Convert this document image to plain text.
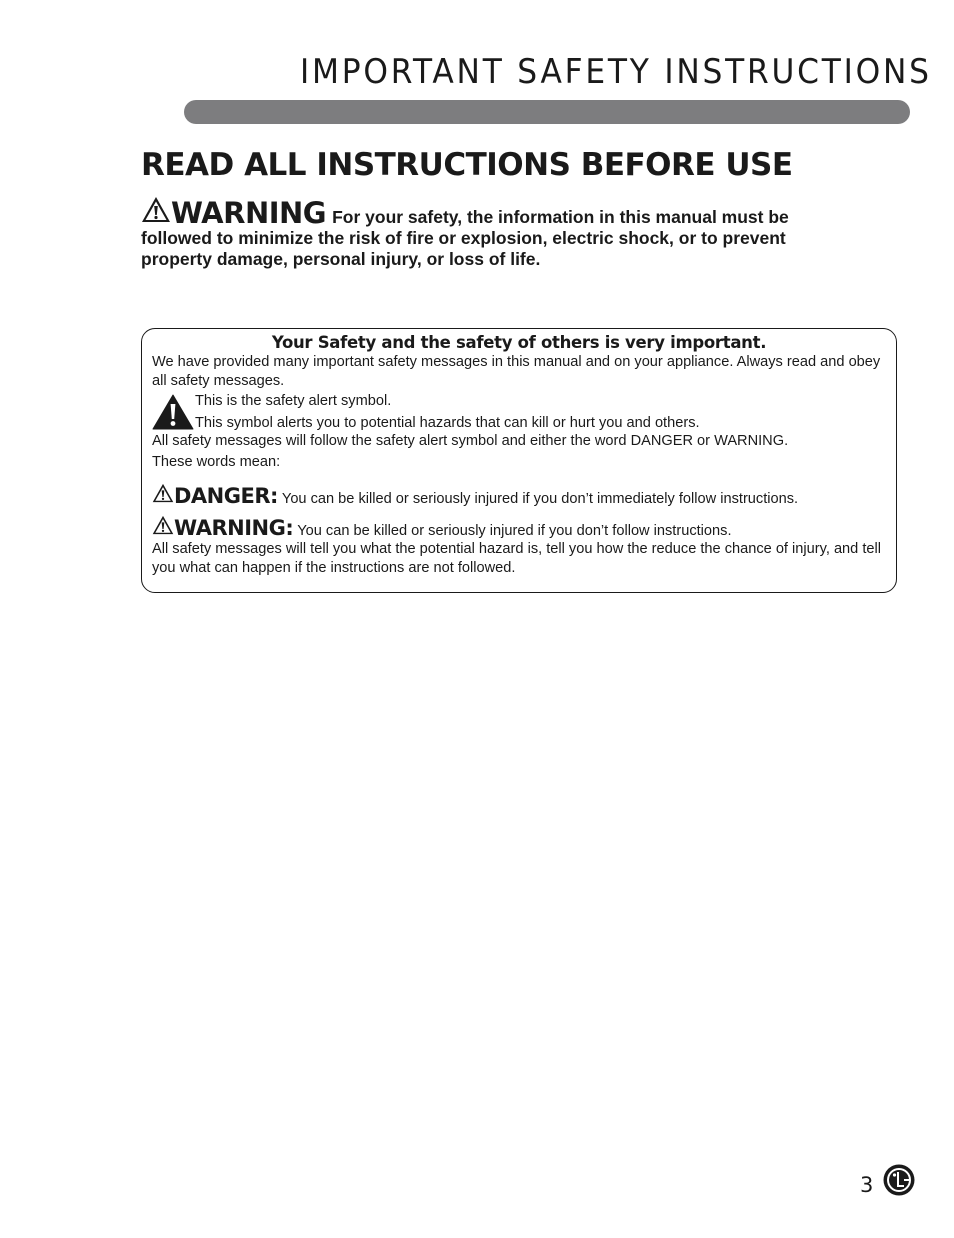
IMPORTANT SAFETY INSTRUCTIONS
READ ALL INSTRUCTIONS BEFORE USE
WARNING For your safety, the information in this manual must be followed to minimize the risk of fire or explosion, electric shock, or to prevent property damage, personal injury, or loss of life.
Your Safety and the safety of others is very important.

We have provided many important safety messages in this manual and on your appliance. Always read and obey all safety messages.

This is the safety alert symbol.
This symbol alerts you to potential hazards that can kill or hurt you and others.

All safety messages will follow the safety alert symbol and either the word DANGER or WARNING.

These words mean:

DANGER: You can be killed or seriously injured if you don’t immediately follow instructions.

WARNING: You can be killed or seriously injured if you don’t follow instructions.

All safety messages will tell you what the potential hazard is, tell you how the reduce the chance of injury, and tell you what can happen if the instructions are not followed.

3
